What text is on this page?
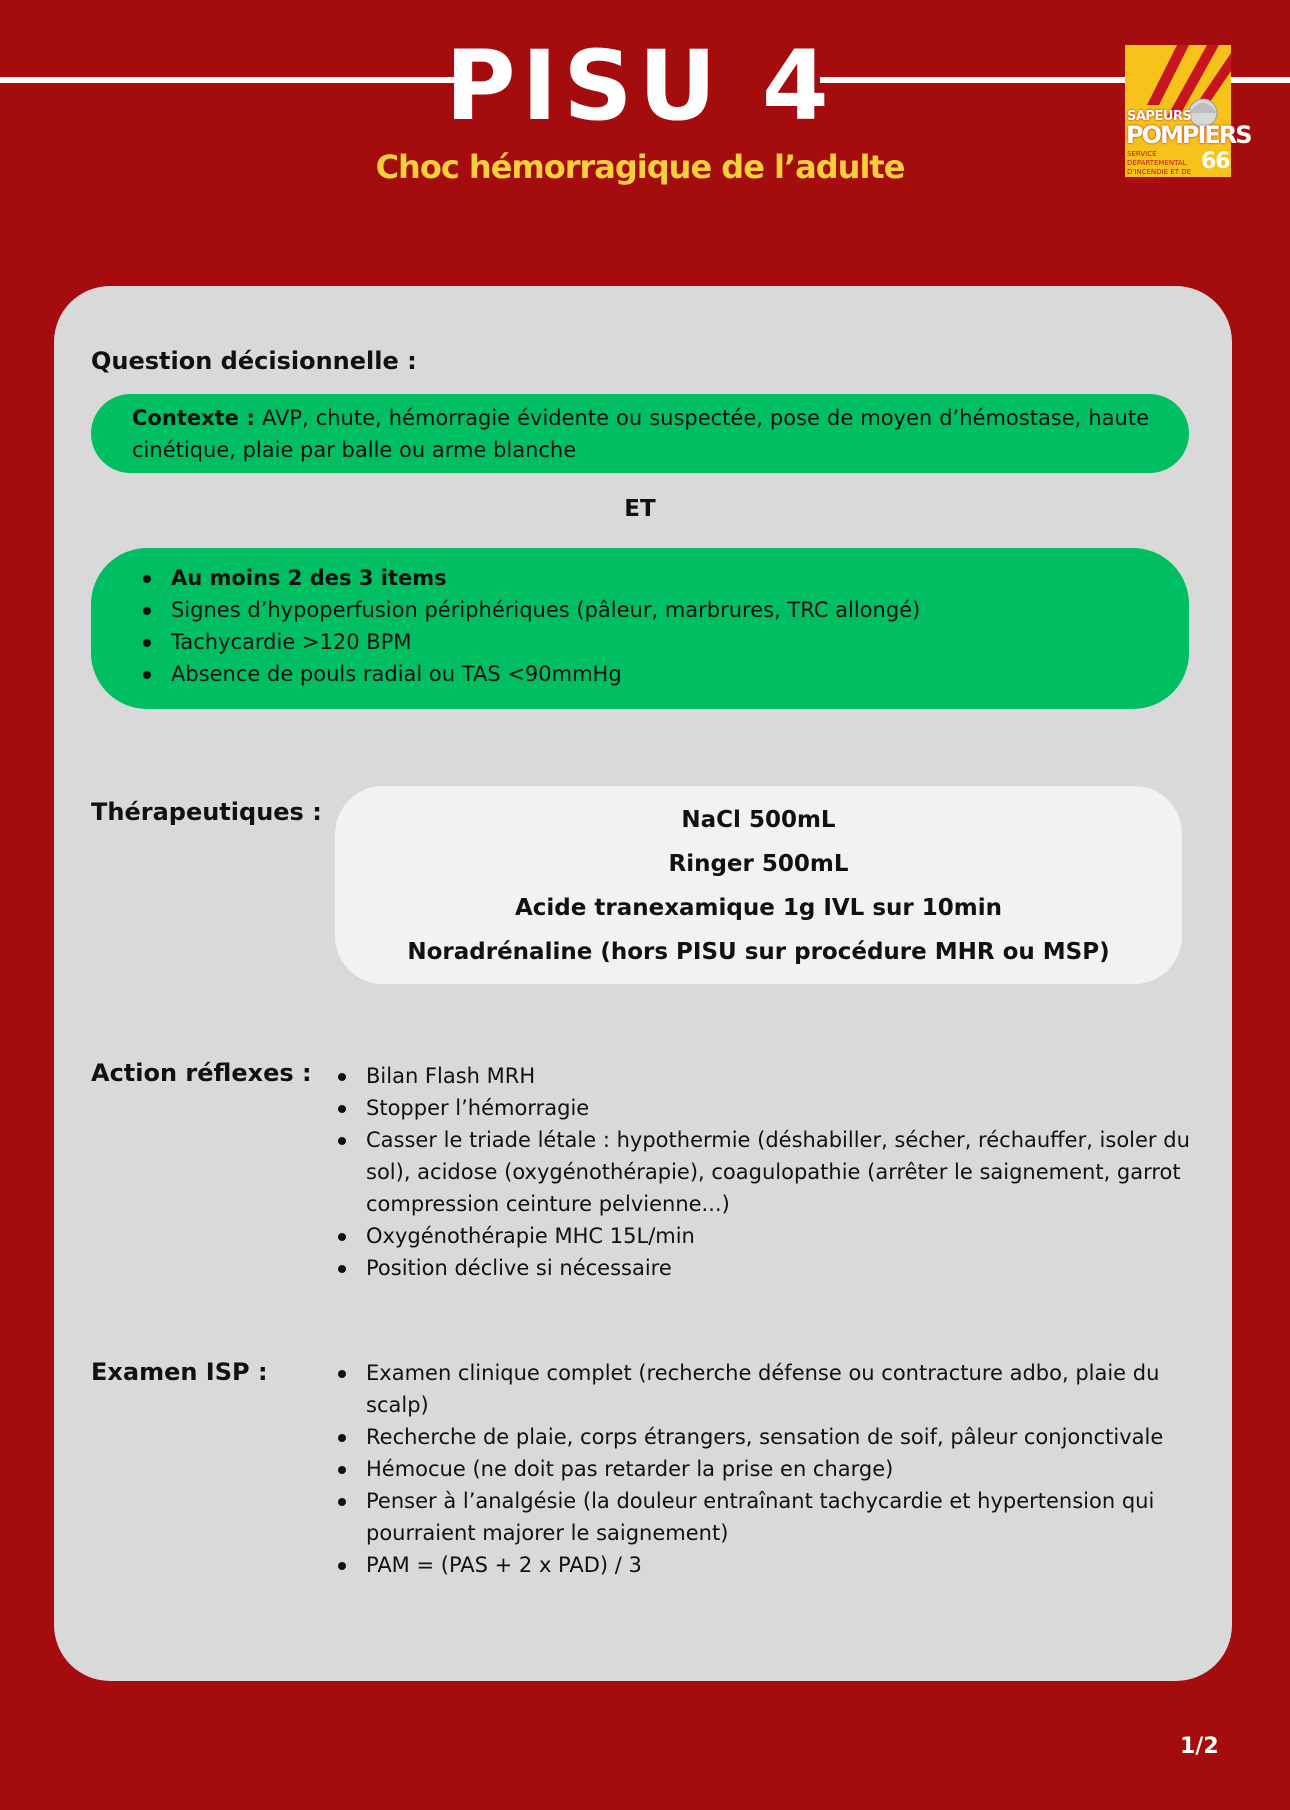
PISU 4
Choc hémorragique de l’adulte
SAPEURS
POMPIERS
SERVICE DÉPARTEMENTAL D'INCENDIE ET DE SECOURS
66
Question décisionnelle :

Contexte : AVP, chute, hémorragie évidente ou suspectée, pose de moyen d’hémostase, haute cinétique, plaie par balle ou arme blanche

ET

Au moins 2 des 3 items
Signes d’hypoperfusion périphériques (pâleur, marbrures, TRC allongé)
Tachycardie >120 BPM
Absence de pouls radial ou TAS <90mmHg
Thérapeutiques :	NaCl 500mL
Ringer 500mL
Acide tranexamique 1g IVL sur 10min
Noradrénaline (hors PISU sur procédure MHR ou MSP)
Action réflexes :	Bilan Flash MRH
Stopper l’hémorragie
Casser le triade létale : hypothermie (déshabiller, sécher, réchauffer, isoler du sol), acidose (oxygénothérapie), coagulopathie (arrêter le saignement, garrot compression ceinture pelvienne...)
Oxygénothérapie MHC 15L/min
Position déclive si nécessaire
Examen ISP :	Examen clinique complet (recherche défense ou contracture adbo, plaie du scalp)
Recherche de plaie, corps étrangers, sensation de soif, pâleur conjonctivale
Hémocue (ne doit pas retarder la prise en charge)
Penser à l’analgésie (la douleur entraînant tachycardie et hypertension qui pourraient majorer le saignement)
PAM = (PAS + 2 x PAD) / 3

1/2
